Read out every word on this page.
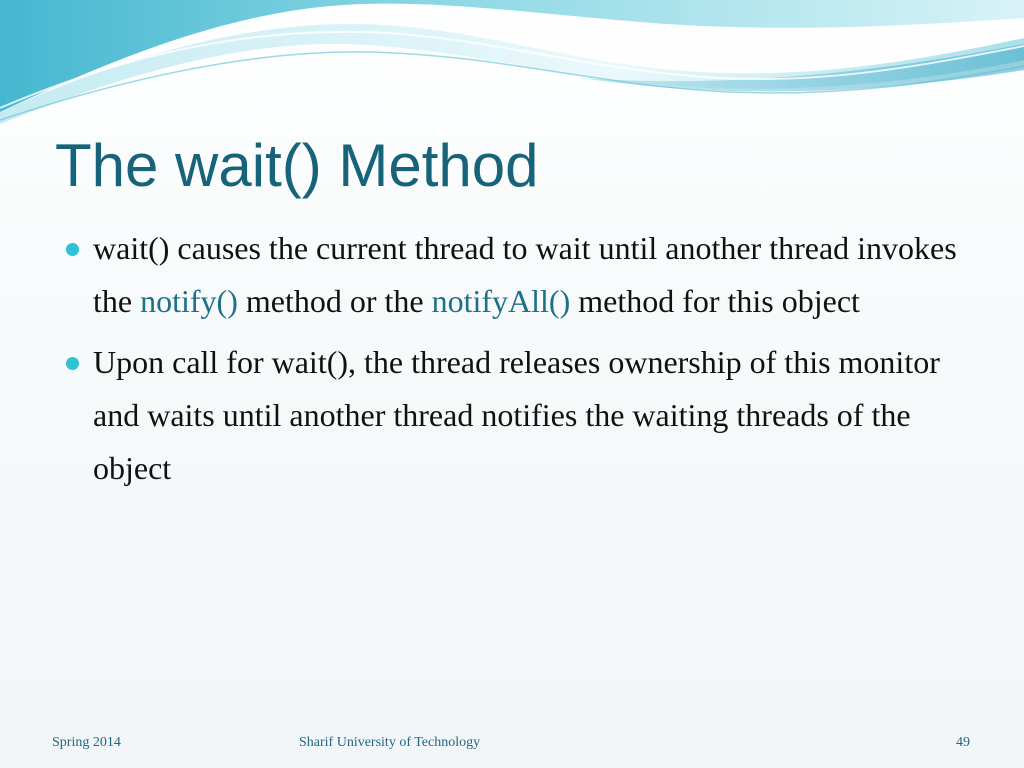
The wait() Method
wait() causes the current thread to wait until another thread invokes the notify() method or the notifyAll() method for this object
Upon call for wait(), the thread releases ownership of this monitor and waits until another thread notifies the waiting threads of the object
Spring 2014	Sharif University of Technology	49
